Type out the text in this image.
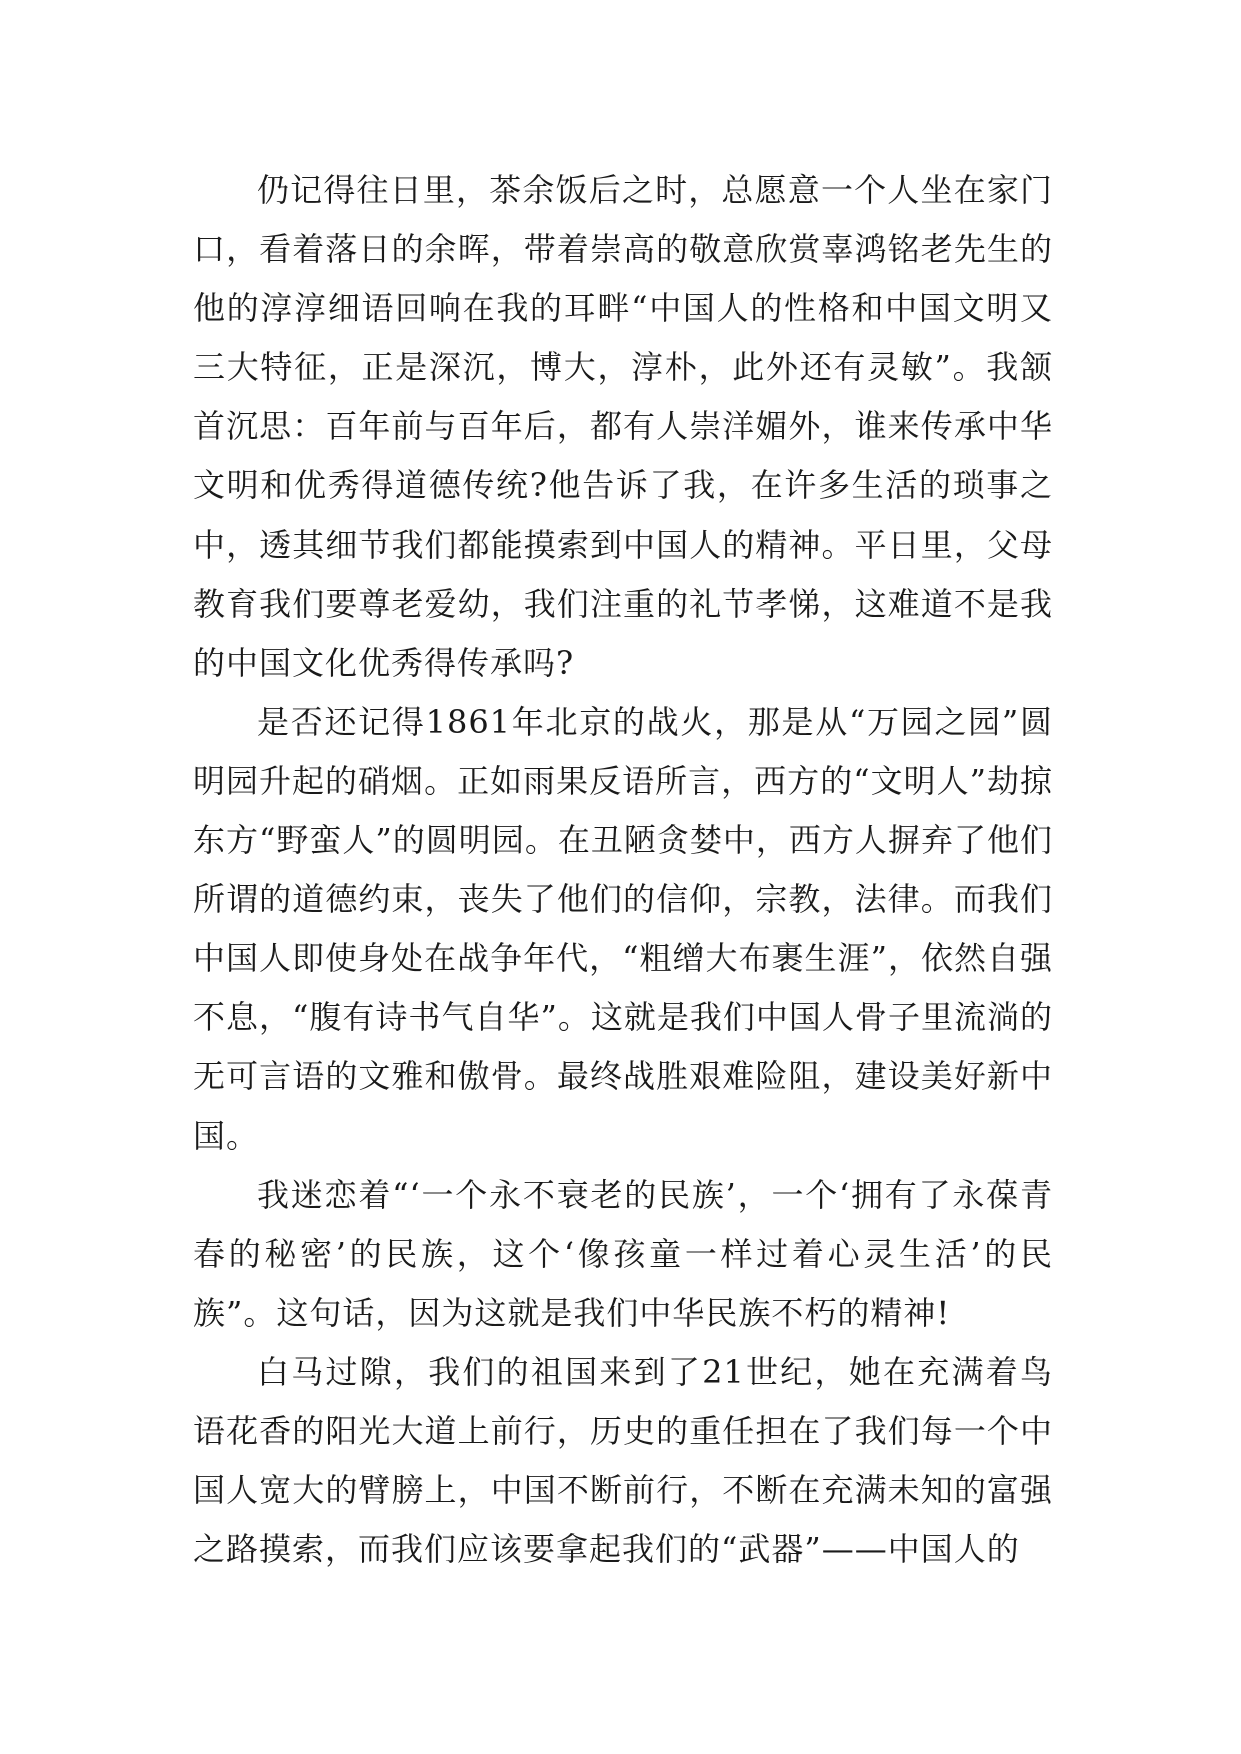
仍记得往日里，茶余饭后之时，总愿意一个人坐在家门口，看着落日的余晖，带着崇高的敬意欣赏辜鸿铭老先生的他的淳淳细语回响在我的耳畔“中国人的性格和中国文明又三大特征，正是深沉，博大，淳朴，此外还有灵敏”。我颔首沉思：百年前与百年后，都有人崇洋媚外，谁来传承中华文明和优秀得道德传统?他告诉了我，在许多生活的琐事之中，透其细节我们都能摸索到中国人的精神。平日里，父母教育我们要尊老爱幼，我们注重的礼节孝悌，这难道不是我的中国文化优秀得传承吗?

是否还记得1861年北京的战火，那是从“万园之园”圆明园升起的硝烟。正如雨果反语所言，西方的“文明人”劫掠东方“野蛮人”的圆明园。在丑陋贪婪中，西方人摒弃了他们所谓的道德约束，丧失了他们的信仰，宗教，法律。而我们中国人即使身处在战争年代，“粗缯大布裹生涯”，依然自强不息，“腹有诗书气自华”。这就是我们中国人骨子里流淌的无可言语的文雅和傲骨。最终战胜艰难险阻，建设美好新中国。

我迷恋着“‘一个永不衰老的民族’，一个‘拥有了永葆青春的秘密’的民族，这个‘像孩童一样过着心灵生活’的民族”。这句话，因为这就是我们中华民族不朽的精神!

白马过隙，我们的祖国来到了21世纪，她在充满着鸟语花香的阳光大道上前行，历史的重任担在了我们每一个中国人宽大的臂膀上，中国不断前行，不断在充满未知的富强之路摸索，而我们应该要拿起我们的“武器”——中国人的
